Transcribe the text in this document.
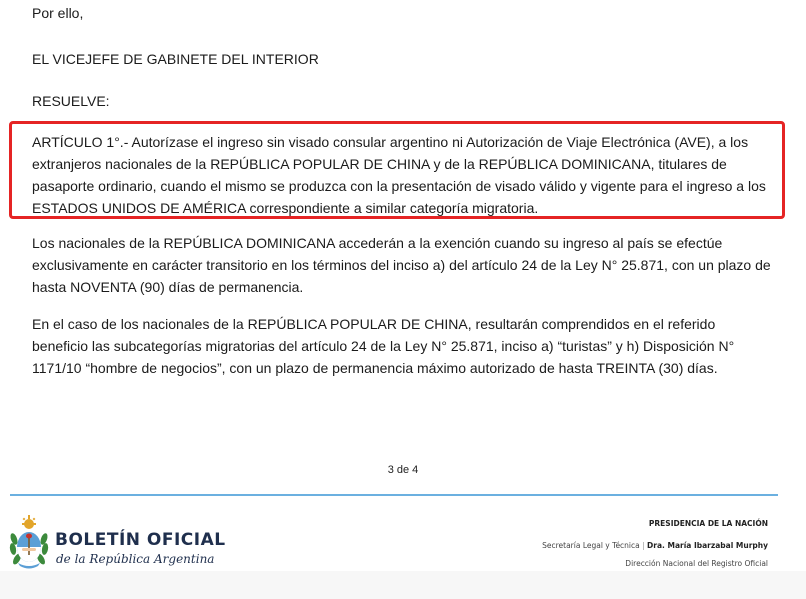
Por ello,

EL VICEJEFE DE GABINETE DEL INTERIOR

RESUELVE:

ARTÍCULO 1°.- Autorízase el ingreso sin visado consular argentino ni Autorización de Viaje Electrónica (AVE), a los extranjeros nacionales de la REPÚBLICA POPULAR DE CHINA y de la REPÚBLICA DOMINICANA, titulares de pasaporte ordinario, cuando el mismo se produzca con la presentación de visado válido y vigente para el ingreso a los ESTADOS UNIDOS DE AMÉRICA correspondiente a similar categoría migratoria.

Los nacionales de la REPÚBLICA DOMINICANA accederán a la exención cuando su ingreso al país se efectúe exclusivamente en carácter transitorio en los términos del inciso a) del artículo 24 de la Ley N° 25.871, con un plazo de hasta NOVENTA (90) días de permanencia.

En el caso de los nacionales de la REPÚBLICA POPULAR DE CHINA, resultarán comprendidos en el referido beneficio las subcategorías migratorias del artículo 24 de la Ley N° 25.871, inciso a) “turistas” y h) Disposición N° 1171/10 “hombre de negocios”, con un plazo de permanencia máximo autorizado de hasta TREINTA (30) días.

3 de 4
BOLETÍN OFICIAL
de la República Argentina
PRESIDENCIA DE LA NACIÓN
Secretaría Legal y Técnica | Dra. María Ibarzabal Murphy
Dirección Nacional del Registro Oficial
